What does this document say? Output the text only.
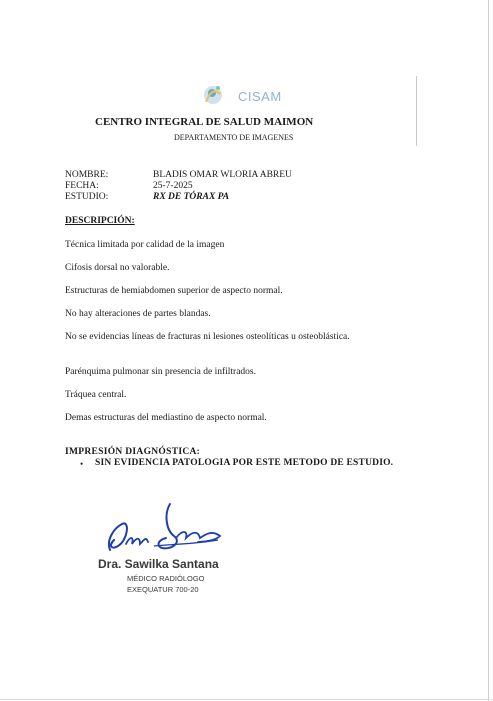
CISAM
CENTRO INTEGRAL DE SALUD MAIMON
DEPARTAMENTO DE IMAGENES
NOMBRE:	BLADIS OMAR WLORIA ABREU
FECHA:	25-7-2025
ESTUDIO:	RX DE TÓRAX PA
DESCRIPCIÓN:
Técnica limitada por calidad de la imagen
Cifosis dorsal no valorable.
Estructuras de hemiabdomen superior de aspecto normal.
No hay alteraciones de partes blandas.
No se evidencias líneas de fracturas ni lesiones osteolíticas u osteoblástica.
Parénquima pulmonar sin presencia de infiltrados.
Tráquea central.
Demas estructuras del mediastino de aspecto normal.
IMPRESIÓN DIAGNÓSTICA:
• SIN EVIDENCIA PATOLOGIA POR ESTE METODO DE ESTUDIO.
Dra. Sawilka Santana
MÉDICO RADIÓLOGO
EXEQUATUR 700-20
